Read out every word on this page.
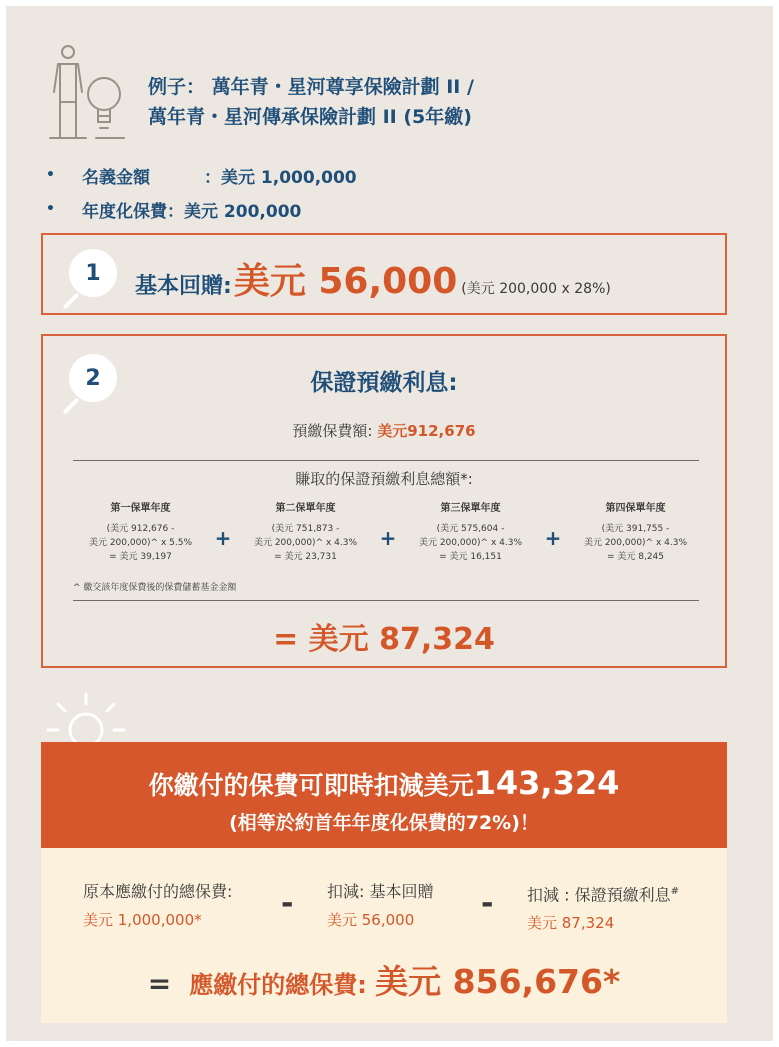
例子： 萬年青・星河尊享保險計劃 II /
萬年青・星河傳承保險計劃 II (5年繳)
•	名義金額	： 美元 1,000,000
•	年度化保費 ： 美元 200,000
1
基本回贈: 美元 56,000 (美元 200,000 x 28%)
2	保證預繳利息:
預繳保費額: 美元912,676
賺取的保證預繳利息總額*:
第一保單年度
(美元 912,676 -
美元 200,000)^ x 5.5%
= 美元 39,197
+
第二保單年度
(美元 751,873 -
美元 200,000)^ x 4.3%
= 美元 23,731
+
第三保單年度
(美元 575,604 -
美元 200,000)^ x 4.3%
= 美元 16,151
+
第四保單年度
(美元 391,755 -
美元 200,000)^ x 4.3%
= 美元 8,245
^ 繳交該年度保費後的保費儲蓄基金金額
= 美元 87,324
你繳付的保費可即時扣減美元143,324
(相等於約首年年度化保費的72%)！
原本應繳付的總保費:
美元 1,000,000*	- 扣減: 基本回贈
美元 56,000	- 扣減 : 保證預繳利息#
美元 87,324
= 應繳付的總保費: 美元 856,676*
